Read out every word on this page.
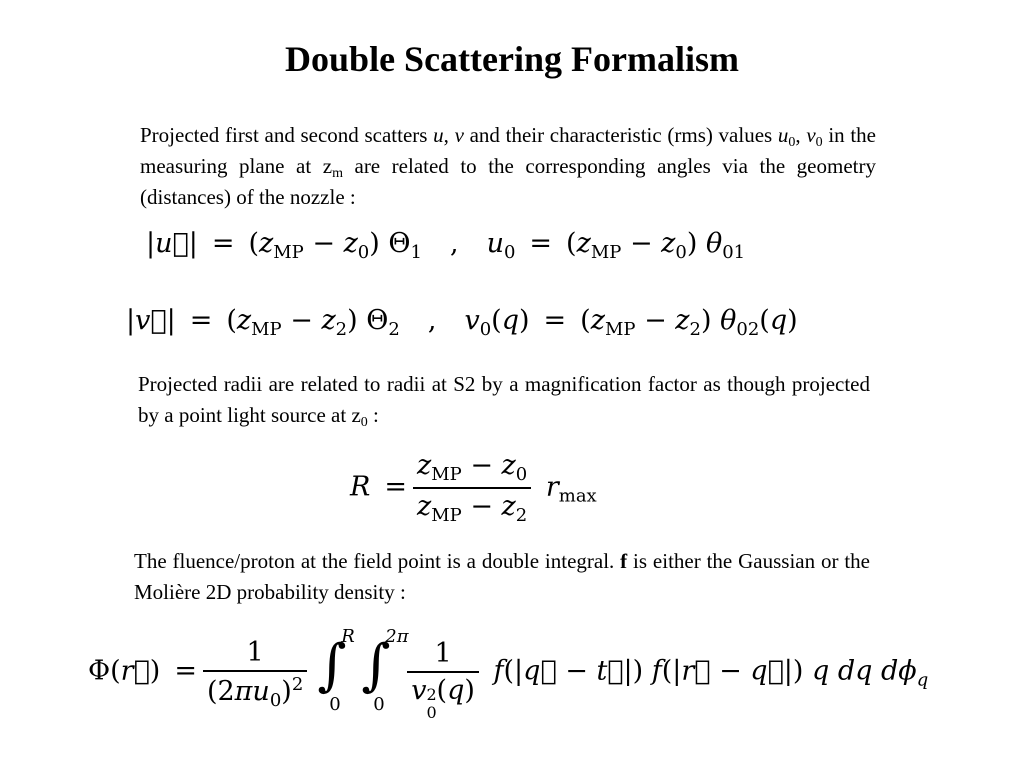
Double Scattering Formalism
Projected first and second scatters u, v and their characteristic (rms) values $u_0$, $v_0$ in the measuring plane at $z_m$ are related to the corresponding angles via the geometry (distances) of the nozzle :
|u⃗| = $(z_{MP} - z_0)$ $\Theta_1$ , $u_0 = (z_{MP} - z_0)$ $\theta_{01}$
|v⃗| = $(z_{MP} - z_2)$ $\Theta_2$ , $v_0(q) = (z_{MP} - z_2)$ $\theta_{02}(q)$
Projected radii are related to radii at S2 by a magnification factor as though projected by a point light source at $z_0$ :
$R = \frac{z_{MP} - z_0}{z_{MP} - z_2} r_{max}$
The fluence/proton at the field point is a double integral. f is either the Gaussian or the Molière 2D probability density :
Φ(r⃗) = $\frac{1}{(2\pi u_0)^2}$ ∫
R
0
∫
2π
0 1
v 2
0
(q) f(|q⃗ − t⃗|) f(|r⃗ − q⃗|) q dq $d\phi_q$
